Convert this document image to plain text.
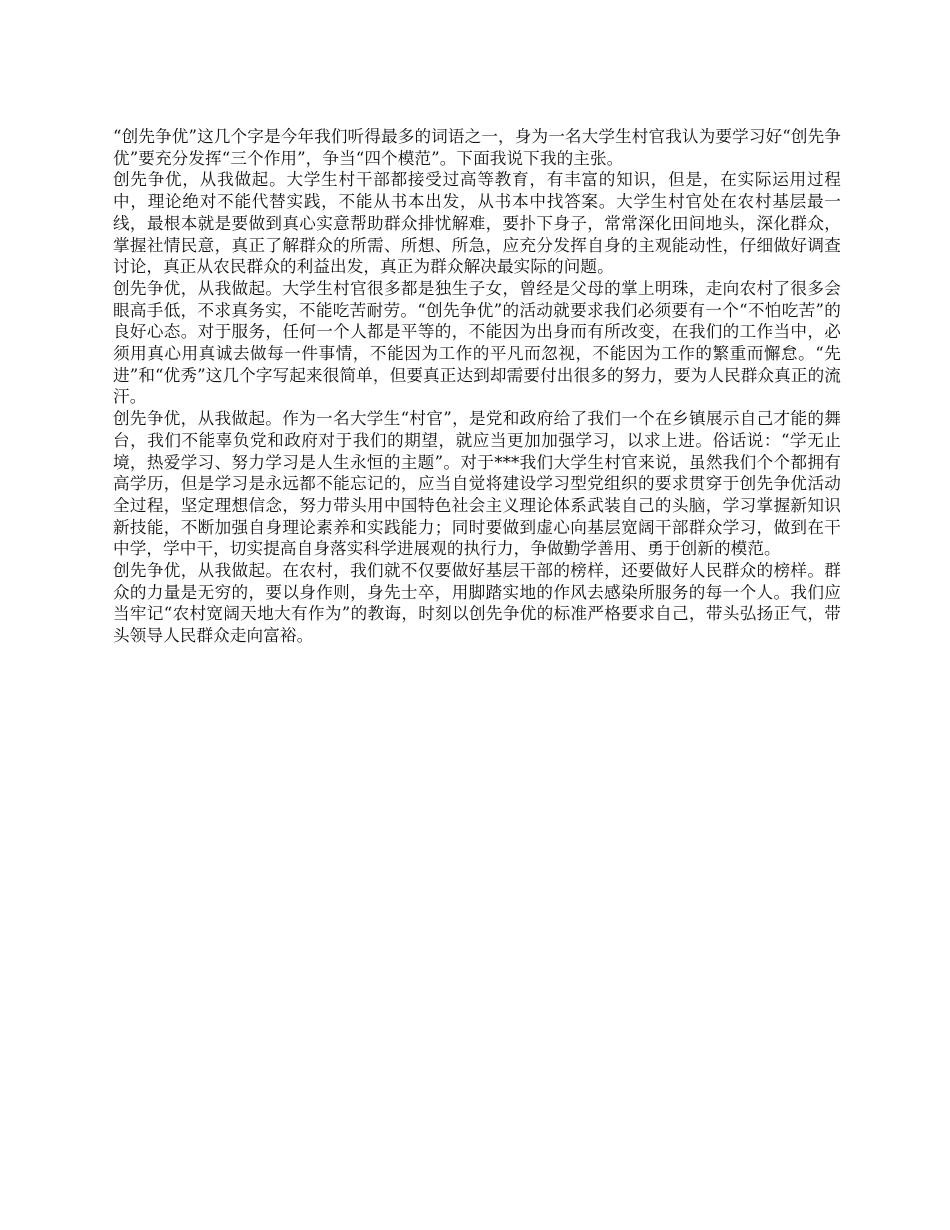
“创先争优”这几个字是今年我们听得最多的词语之一，身为一名大学生村官我认为要学习好“创先争优”要充分发挥“三个作用”，争当“四个模范”。下面我说下我的主张。

创先争优，从我做起。大学生村干部都接受过高等教育，有丰富的知识，但是，在实际运用过程中，理论绝对不能代替实践，不能从书本出发，从书本中找答案。大学生村官处在农村基层最一线，最根本就是要做到真心实意帮助群众排忧解难，要扑下身子，常常深化田间地头，深化群众，掌握社情民意，真正了解群众的所需、所想、所急，应充分发挥自身的主观能动性，仔细做好调查讨论，真正从农民群众的利益出发，真正为群众解决最实际的问题。

创先争优，从我做起。大学生村官很多都是独生子女，曾经是父母的掌上明珠，走向农村了很多会眼高手低，不求真务实，不能吃苦耐劳。“创先争优”的活动就要求我们必须要有一个“不怕吃苦”的良好心态。对于服务，任何一个人都是平等的，不能因为出身而有所改变，在我们的工作当中，必须用真心用真诚去做每一件事情，不能因为工作的平凡而忽视，不能因为工作的繁重而懈怠。“先进”和“优秀”这几个字写起来很简单，但要真正达到却需要付出很多的努力，要为人民群众真正的流汗。

创先争优，从我做起。作为一名大学生“村官”，是党和政府给了我们一个在乡镇展示自己才能的舞台，我们不能辜负党和政府对于我们的期望，就应当更加加强学习，以求上进。俗话说：“学无止境，热爱学习、努力学习是人生永恒的主题”。对于***我们大学生村官来说，虽然我们个个都拥有高学历，但是学习是永远都不能忘记的，应当自觉将建设学习型党组织的要求贯穿于创先争优活动全过程，坚定理想信念，努力带头用中国特色社会主义理论体系武装自己的头脑，学习掌握新知识新技能，不断加强自身理论素养和实践能力；同时要做到虚心向基层宽阔干部群众学习，做到在干中学，学中干，切实提高自身落实科学进展观的执行力，争做勤学善用、勇于创新的模范。

创先争优，从我做起。在农村，我们就不仅要做好基层干部的榜样，还要做好人民群众的榜样。群众的力量是无穷的，要以身作则，身先士卒，用脚踏实地的作风去感染所服务的每一个人。我们应当牢记“农村宽阔天地大有作为”的教诲，时刻以创先争优的标准严格要求自己，带头弘扬正气，带头领导人民群众走向富裕。
